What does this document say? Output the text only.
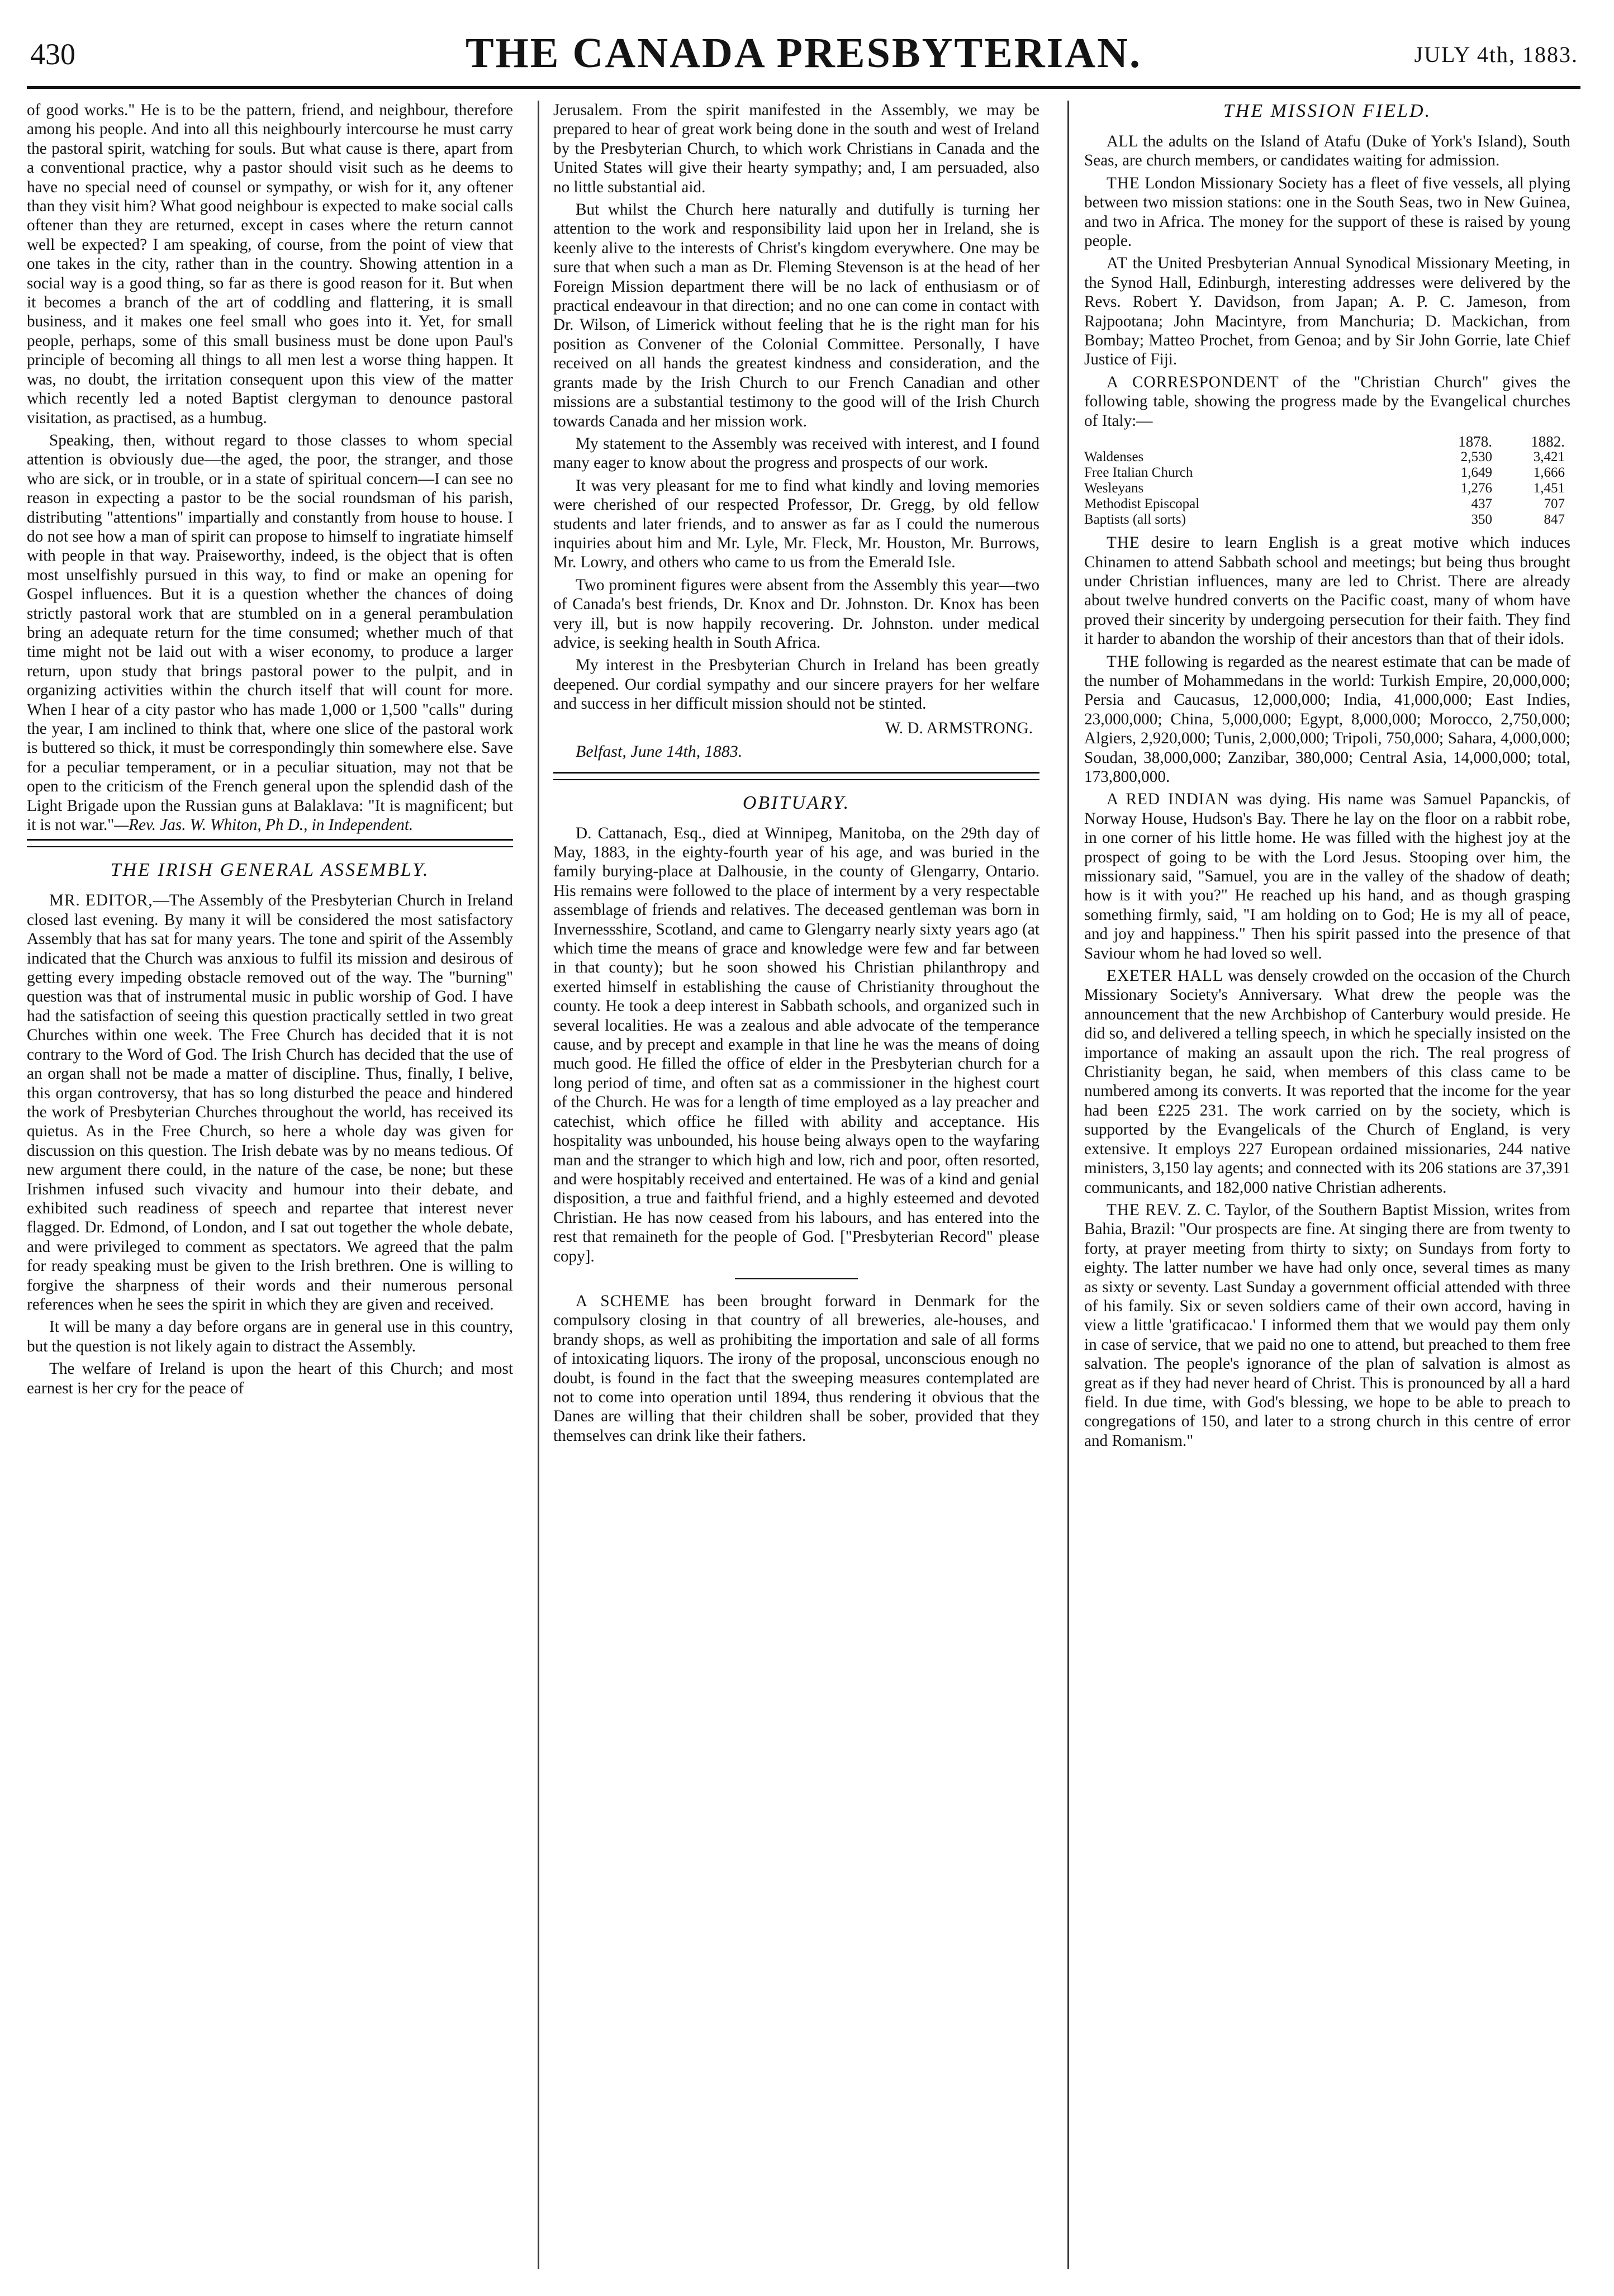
430	THE CANADA PRESBYTERIAN.	JULY 4th, 1883.

of good works." He is to be the pattern, friend, and neighbour, therefore among his people. And into all this neighbourly intercourse he must carry the pastoral spirit, watching for souls. But what cause is there, apart from a conventional practice, why a pastor should visit such as he deems to have no special need of counsel or sympathy, or wish for it, any oftener than they visit him? What good neighbour is expected to make social calls oftener than they are returned, except in cases where the return cannot well be expected? I am speaking, of course, from the point of view that one takes in the city, rather than in the country. Showing attention in a social way is a good thing, so far as there is good reason for it. But when it becomes a branch of the art of coddling and flattering, it is small business, and it makes one feel small who goes into it. Yet, for small people, perhaps, some of this small business must be done upon Paul's principle of becoming all things to all men lest a worse thing happen. It was, no doubt, the irritation consequent upon this view of the matter which recently led a noted Baptist clergyman to denounce pastoral visitation, as practised, as a humbug.

Speaking, then, without regard to those classes to whom special attention is obviously due—the aged, the poor, the stranger, and those who are sick, or in trouble, or in a state of spiritual concern—I can see no reason in expecting a pastor to be the social roundsman of his parish, distributing "attentions" impartially and constantly from house to house. I do not see how a man of spirit can propose to himself to ingratiate himself with people in that way. Praiseworthy, indeed, is the object that is often most unselfishly pursued in this way, to find or make an opening for Gospel influences. But it is a question whether the chances of doing strictly pastoral work that are stumbled on in a general perambulation bring an adequate return for the time consumed; whether much of that time might not be laid out with a wiser economy, to produce a larger return, upon study that brings pastoral power to the pulpit, and in organizing activities within the church itself that will count for more. When I hear of a city pastor who has made 1,000 or 1,500 "calls" during the year, I am inclined to think that, where one slice of the pastoral work is buttered so thick, it must be correspondingly thin somewhere else. Save for a peculiar temperament, or in a peculiar situation, may not that be open to the criticism of the French general upon the splendid dash of the Light Brigade upon the Russian guns at Balaklava: "It is magnificent; but it is not war."—Rev. Jas. W. Whiton, Ph D., in Independent.

THE IRISH GENERAL ASSEMBLY.

MR. EDITOR,—The Assembly of the Presbyterian Church in Ireland closed last evening. By many it will be considered the most satisfactory Assembly that has sat for many years. The tone and spirit of the Assembly indicated that the Church was anxious to fulfil its mission and desirous of getting every impeding obstacle removed out of the way. The "burning" question was that of instrumental music in public worship of God. I have had the satisfaction of seeing this question practically settled in two great Churches within one week. The Free Church has decided that it is not contrary to the Word of God. The Irish Church has decided that the use of an organ shall not be made a matter of discipline. Thus, finally, I belive, this organ controversy, that has so long disturbed the peace and hindered the work of Presbyterian Churches throughout the world, has received its quietus. As in the Free Church, so here a whole day was given for discussion on this question. The Irish debate was by no means tedious. Of new argument there could, in the nature of the case, be none; but these Irishmen infused such vivacity and humour into their debate, and exhibited such readiness of speech and repartee that interest never flagged. Dr. Edmond, of London, and I sat out together the whole debate, and were privileged to comment as spectators. We agreed that the palm for ready speaking must be given to the Irish brethren. One is willing to forgive the sharpness of their words and their numerous personal references when he sees the spirit in which they are given and received.

It will be many a day before organs are in general use in this country, but the question is not likely again to distract the Assembly.

The welfare of Ireland is upon the heart of this Church; and most earnest is her cry for the peace of

Jerusalem. From the spirit manifested in the Assembly, we may be prepared to hear of great work being done in the south and west of Ireland by the Presbyterian Church, to which work Christians in Canada and the United States will give their hearty sympathy; and, I am persuaded, also no little substantial aid.

But whilst the Church here naturally and dutifully is turning her attention to the work and responsibility laid upon her in Ireland, she is keenly alive to the interests of Christ's kingdom everywhere. One may be sure that when such a man as Dr. Fleming Stevenson is at the head of her Foreign Mission department there will be no lack of enthusiasm or of practical endeavour in that direction; and no one can come in contact with Dr. Wilson, of Limerick without feeling that he is the right man for his position as Convener of the Colonial Committee. Personally, I have received on all hands the greatest kindness and consideration, and the grants made by the Irish Church to our French Canadian and other missions are a substantial testimony to the good will of the Irish Church towards Canada and her mission work.

My statement to the Assembly was received with interest, and I found many eager to know about the progress and prospects of our work.

It was very pleasant for me to find what kindly and loving memories were cherished of our respected Professor, Dr. Gregg, by old fellow students and later friends, and to answer as far as I could the numerous inquiries about him and Mr. Lyle, Mr. Fleck, Mr. Houston, Mr. Burrows, Mr. Lowry, and others who came to us from the Emerald Isle.

Two prominent figures were absent from the Assembly this year—two of Canada's best friends, Dr. Knox and Dr. Johnston. Dr. Knox has been very ill, but is now happily recovering. Dr. Johnston. under medical advice, is seeking health in South Africa.

My interest in the Presbyterian Church in Ireland has been greatly deepened. Our cordial sympathy and our sincere prayers for her welfare and success in her difficult mission should not be stinted.

W. D. ARMSTRONG.
Belfast, June 14th, 1883.
OBITUARY.

D. Cattanach, Esq., died at Winnipeg, Manitoba, on the 29th day of May, 1883, in the eighty-fourth year of his age, and was buried in the family burying-place at Dalhousie, in the county of Glengarry, Ontario. His remains were followed to the place of interment by a very respectable assemblage of friends and relatives. The deceased gentleman was born in Invernessshire, Scotland, and came to Glengarry nearly sixty years ago (at which time the means of grace and knowledge were few and far between in that county); but he soon showed his Christian philanthropy and exerted himself in establishing the cause of Christianity throughout the county. He took a deep interest in Sabbath schools, and organized such in several localities. He was a zealous and able advocate of the temperance cause, and by precept and example in that line he was the means of doing much good. He filled the office of elder in the Presbyterian church for a long period of time, and often sat as a commissioner in the highest court of the Church. He was for a length of time employed as a lay preacher and catechist, which office he filled with ability and acceptance. His hospitality was unbounded, his house being always open to the wayfaring man and the stranger to which high and low, rich and poor, often resorted, and were hospitably received and entertained. He was of a kind and genial disposition, a true and faithful friend, and a highly esteemed and devoted Christian. He has now ceased from his labours, and has entered into the rest that remaineth for the people of God. ["Presbyterian Record" please copy].

A SCHEME has been brought forward in Denmark for the compulsory closing in that country of all breweries, ale-houses, and brandy shops, as well as prohibiting the importation and sale of all forms of intoxicating liquors. The irony of the proposal, unconscious enough no doubt, is found in the fact that the sweeping measures contemplated are not to come into operation until 1894, thus rendering it obvious that the Danes are willing that their children shall be sober, provided that they themselves can drink like their fathers.

THE MISSION FIELD.

ALL the adults on the Island of Atafu (Duke of York's Island), South Seas, are church members, or candidates waiting for admission.

THE London Missionary Society has a fleet of five vessels, all plying between two mission stations: one in the South Seas, two in New Guinea, and two in Africa. The money for the support of these is raised by young people.

AT the United Presbyterian Annual Synodical Missionary Meeting, in the Synod Hall, Edinburgh, interesting addresses were delivered by the Revs. Robert Y. Davidson, from Japan; A. P. C. Jameson, from Rajpootana; John Macintyre, from Manchuria; D. Mackichan, from Bombay; Matteo Prochet, from Genoa; and by Sir John Gorrie, late Chief Justice of Fiji.

A CORRESPONDENT of the "Christian Church" gives the following table, showing the progress made by the Evangelical churches of Italy:—

	1878.	1882.
Waldenses	2,530	3,421
Free Italian Church	1,649	1,666
Wesleyans	1,276	1,451
Methodist Episcopal	437	707
Baptists (all sorts)	350	847

THE desire to learn English is a great motive which induces Chinamen to attend Sabbath school and meetings; but being thus brought under Christian influences, many are led to Christ. There are already about twelve hundred converts on the Pacific coast, many of whom have proved their sincerity by undergoing persecution for their faith. They find it harder to abandon the worship of their ancestors than that of their idols.

THE following is regarded as the nearest estimate that can be made of the number of Mohammedans in the world: Turkish Empire, 20,000,000; Persia and Caucasus, 12,000,000; India, 41,000,000; East Indies, 23,000,000; China, 5,000,000; Egypt, 8,000,000; Morocco, 2,750,000; Algiers, 2,920,000; Tunis, 2,000,000; Tripoli, 750,000; Sahara, 4,000,000; Soudan, 38,000,000; Zanzibar, 380,000; Central Asia, 14,000,000; total, 173,800,000.

A RED INDIAN was dying. His name was Samuel Papanckis, of Norway House, Hudson's Bay. There he lay on the floor on a rabbit robe, in one corner of his little home. He was filled with the highest joy at the prospect of going to be with the Lord Jesus. Stooping over him, the missionary said, "Samuel, you are in the valley of the shadow of death; how is it with you?" He reached up his hand, and as though grasping something firmly, said, "I am holding on to God; He is my all of peace, and joy and happiness." Then his spirit passed into the presence of that Saviour whom he had loved so well.

EXETER HALL was densely crowded on the occasion of the Church Missionary Society's Anniversary. What drew the people was the announcement that the new Archbishop of Canterbury would preside. He did so, and delivered a telling speech, in which he specially insisted on the importance of making an assault upon the rich. The real progress of Christianity began, he said, when members of this class came to be numbered among its converts. It was reported that the income for the year had been £225 231. The work carried on by the society, which is supported by the Evangelicals of the Church of England, is very extensive. It employs 227 European ordained missionaries, 244 native ministers, 3,150 lay agents; and connected with its 206 stations are 37,391 communicants, and 182,000 native Christian adherents.

THE REV. Z. C. Taylor, of the Southern Baptist Mission, writes from Bahia, Brazil: "Our prospects are fine. At singing there are from twenty to forty, at prayer meeting from thirty to sixty; on Sundays from forty to eighty. The latter number we have had only once, several times as many as sixty or seventy. Last Sunday a government official attended with three of his family. Six or seven soldiers came of their own accord, having in view a little 'gratificacao.' I informed them that we would pay them only in case of service, that we paid no one to attend, but preached to them free salvation. The people's ignorance of the plan of salvation is almost as great as if they had never heard of Christ. This is pronounced by all a hard field. In due time, with God's blessing, we hope to be able to preach to congregations of 150, and later to a strong church in this centre of error and Romanism."
